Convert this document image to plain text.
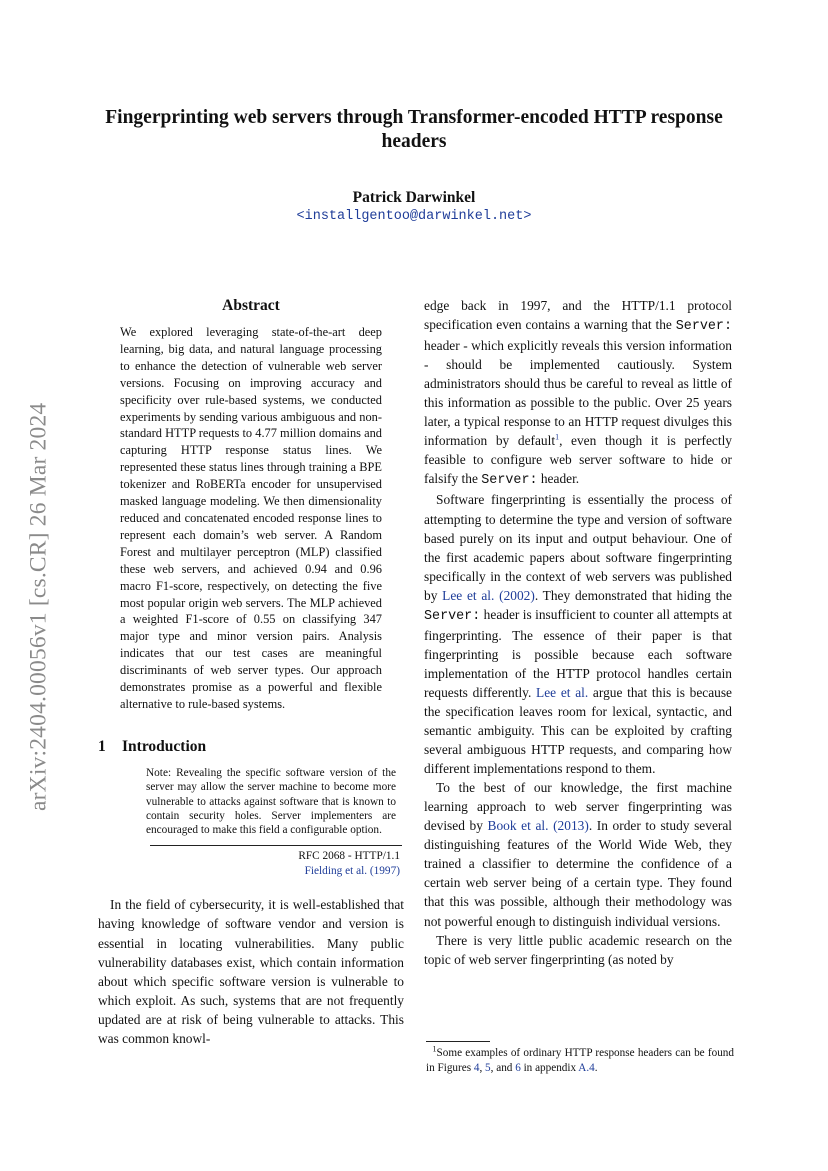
arXiv:2404.00056v1 [cs.CR] 26 Mar 2024
Fingerprinting web servers through Transformer-encoded HTTP response headers
Patrick Darwinkel
<installgentoo@darwinkel.net>
Abstract
We explored leveraging state-of-the-art deep learning, big data, and natural language processing to enhance the detection of vulnerable web server versions. Focusing on improving accuracy and specificity over rule-based systems, we conducted experiments by sending various ambiguous and non-standard HTTP requests to 4.77 million domains and capturing HTTP response status lines. We represented these status lines through training a BPE tokenizer and RoBERTa encoder for unsupervised masked language modeling. We then dimensionality reduced and concatenated encoded response lines to represent each domain’s web server. A Random Forest and multilayer perceptron (MLP) classified these web servers, and achieved 0.94 and 0.96 macro F1-score, respectively, on detecting the five most popular origin web servers. The MLP achieved a weighted F1-score of 0.55 on classifying 347 major type and minor version pairs. Analysis indicates that our test cases are meaningful discriminants of web server types. Our approach demonstrates promise as a powerful and flexible alternative to rule-based systems.
1 Introduction
Note: Revealing the specific software version of the server may allow the server machine to become more vulnerable to attacks against software that is known to contain security holes. Server implementers are encouraged to make this field a configurable option.
RFC 2068 - HTTP/1.1
Fielding et al. (1997)

In the field of cybersecurity, it is well-established that having knowledge of software vendor and version is essential in locating vulnerabilities. Many public vulnerability databases exist, which contain information about which specific software version is vulnerable to which exploit. As such, systems that are not frequently updated are at risk of being vulnerable to attacks. This was common knowl-

edge back in 1997, and the HTTP/1.1 protocol specification even contains a warning that the Server: header - which explicitly reveals this version information - should be implemented cautiously. System administrators should thus be careful to reveal as little of this information as possible to the public. Over 25 years later, a typical response to an HTTP request divulges this information by default$^1$, even though it is perfectly feasible to configure web server software to hide or falsify the Server: header.

Software fingerprinting is essentially the process of attempting to determine the type and version of software based purely on its input and output behaviour. One of the first academic papers about software fingerprinting specifically in the context of web servers was published by Lee et al. (2002). They demonstrated that hiding the Server: header is insufficient to counter all attempts at fingerprinting. The essence of their paper is that fingerprinting is possible because each software implementation of the HTTP protocol handles certain requests differently. Lee et al. argue that this is because the specification leaves room for lexical, syntactic, and semantic ambiguity. This can be exploited by crafting several ambiguous HTTP requests, and comparing how different implementations respond to them.

To the best of our knowledge, the first machine learning approach to web server fingerprinting was devised by Book et al. (2013). In order to study several distinguishing features of the World Wide Web, they trained a classifier to determine the confidence of a certain web server being of a certain type. They found that this was possible, although their methodology was not powerful enough to distinguish individual versions.

There is very little public academic research on the topic of web server fingerprinting (as noted by

$^1$Some examples of ordinary HTTP response headers can be found in Figures 4, 5, and 6 in appendix A.4.
